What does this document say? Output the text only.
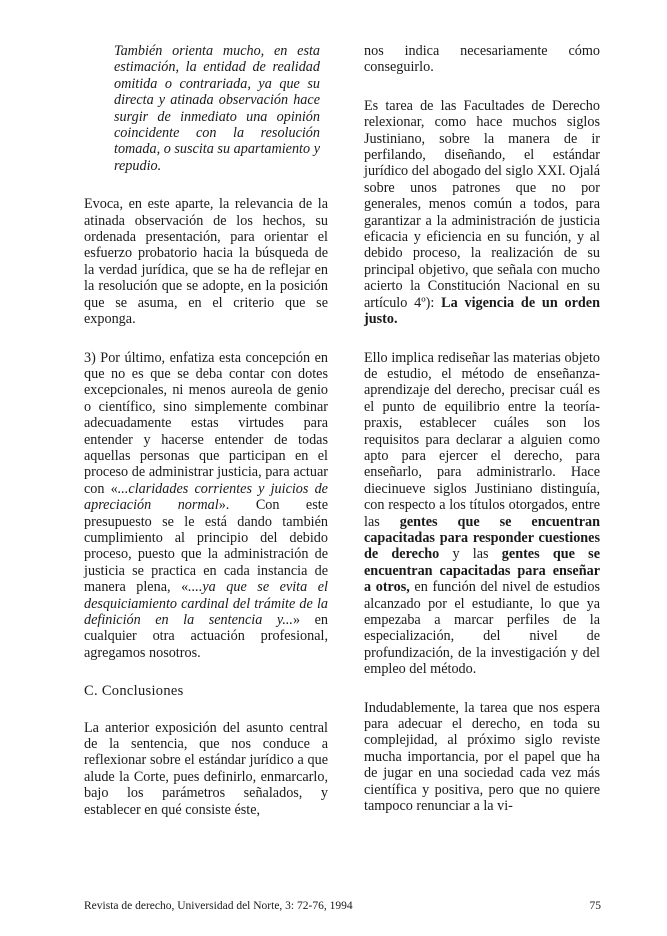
También orienta mucho, en esta estimación, la entidad de realidad omitida o contrariada, ya que su directa y atinada observación hace surgir de inmediato una opinión coincidente con la resolución tomada, o suscita su apartamiento y repudio.

Evoca, en este aparte, la relevancia de la atinada observación de los hechos, su ordenada presentación, para orientar el esfuerzo probatorio hacia la búsqueda de la verdad jurídica, que se ha de reflejar en la resolución que se adopte, en la posición que se asuma, en el criterio que se exponga.

3) Por último, enfatiza esta concepción en que no es que se deba contar con dotes excepcionales, ni menos aureola de genio o científico, sino simplemente combinar adecuadamente estas virtudes para entender y hacerse entender de todas aquellas personas que participan en el proceso de administrar justicia, para actuar con «...claridades corrientes y juicios de apreciación normal». Con este presupuesto se le está dando también cumplimiento al principio del debido proceso, puesto que la administración de justicia se practica en cada instancia de manera plena, «....ya que se evita el desquiciamiento cardinal del trámite de la definición en la sentencia y...» en cualquier otra actuación profesional, agregamos nosotros.

C. Conclusiones

La anterior exposición del asunto central de la sentencia, que nos conduce a reflexionar sobre el estándar jurídico a que alude la Corte, pues definirlo, enmarcarlo, bajo los parámetros señalados, y establecer en qué consiste éste,

nos indica necesariamente cómo conseguirlo.

Es tarea de las Facultades de Derecho relexionar, como hace muchos siglos Justiniano, sobre la manera de ir perfilando, diseñando, el estándar jurídico del abogado del siglo XXI. Ojalá sobre unos patrones que no por generales, menos común a todos, para garantizar a la administración de justicia eficacia y eficiencia en su función, y al debido proceso, la realización de su principal objetivo, que señala con mucho acierto la Constitución Nacional en su artículo 4º): La vigencia de un orden justo.

Ello implica rediseñar las materias objeto de estudio, el método de enseñanza-aprendizaje del derecho, precisar cuál es el punto de equilibrio entre la teoría-praxis, establecer cuáles son los requisitos para declarar a alguien como apto para ejercer el derecho, para enseñarlo, para administrarlo. Hace diecinueve siglos Justiniano distinguía, con respecto a los títulos otorgados, entre las gentes que se encuentran capacitadas para responder cuestiones de derecho y las gentes que se encuentran capacitadas para enseñar a otros, en función del nivel de estudios alcanzado por el estudiante, lo que ya empezaba a marcar perfiles de la especialización, del nivel de profundización, de la investigación y del empleo del método.

Indudablemente, la tarea que nos espera para adecuar el derecho, en toda su complejidad, al próximo siglo reviste mucha importancia, por el papel que ha de jugar en una sociedad cada vez más científica y positiva, pero que no quiere tampoco renunciar a la vi-

Revista de derecho, Universidad del Norte, 3: 72-76, 1994	75
